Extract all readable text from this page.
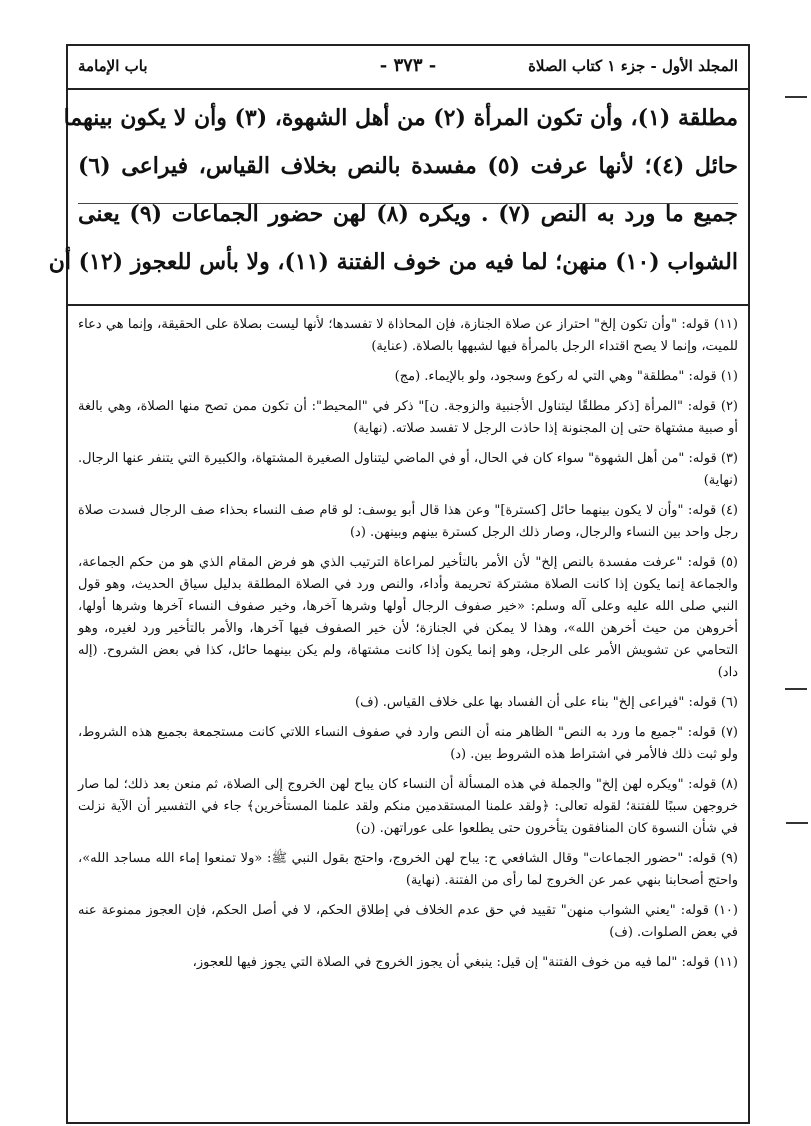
المجلد الأول - جزء ١ كتاب الصلاة
- ٣٧٣ -
باب الإمامة
مطلقة (١)، وأن تكون المرأة (٢) من أهل الشهوة، (٣) وأن لا يكون بينهما
حائل (٤)؛ لأنها عرفت (٥) مفسدة بالنص بخلاف القياس، فيراعى (٦)
جميع ما ورد به النص (٧) . ويكره (٨) لهن حضور الجماعات (٩) يعنى
الشواب (١٠) منهن؛ لما فيه من خوف الفتنة (١١)، ولا بأس للعجوز (١٢) أن

(١١) قوله: "وأن تكون إلخ" احتراز عن صلاة الجنازة، فإن المحاذاة لا تفسدها؛ لأنها ليست بصلاة على الحقيقة، وإنما هي دعاء للميت، وإنما لا يصح اقتداء الرجل بالمرأة فيها لشبهها بالصلاة. (عناية)

(١) قوله: "مطلقة" وهي التي له ركوع وسجود، ولو بالإيماء. (مج)

(٢) قوله: "المرأة [ذكر مطلقًا ليتناول الأجنبية والزوجة. ن]" ذكر في "المحيط": أن تكون ممن تصح منها الصلاة، وهي بالغة أو صبية مشتهاة حتى إن المجنونة إذا حاذت الرجل لا تفسد صلاته. (نهاية)

(٣) قوله: "من أهل الشهوة" سواء كان في الحال، أو في الماضي ليتناول الصغيرة المشتهاة، والكبيرة التي يتنفر عنها الرجال. (نهاية)

(٤) قوله: "وأن لا يكون بينهما حائل [كسترة]" وعن هذا قال أبو يوسف: لو قام صف النساء بحذاء صف الرجال فسدت صلاة رجل واحد بين النساء والرجال، وصار ذلك الرجل كسترة بينهم وبينهن. (د)

(٥) قوله: "عرفت مفسدة بالنص إلخ" لأن الأمر بالتأخير لمراعاة الترتيب الذي هو فرض المقام الذي هو من حكم الجماعة، والجماعة إنما يكون إذا كانت الصلاة مشتركة تحريمة وأداء، والنص ورد في الصلاة المطلقة بدليل سياق الحديث، وهو قول النبي صلى الله عليه وعلى آله وسلم: «خير صفوف الرجال أولها وشرها آخرها، وخير صفوف النساء آخرها وشرها أولها، أخروهن من حيث أخرهن الله»، وهذا لا يمكن في الجنازة؛ لأن خير الصفوف فيها آخرها، والأمر بالتأخير ورد لغيره، وهو التحامي عن تشويش الأمر على الرجل، وهو إنما يكون إذا كانت مشتهاة، ولم يكن بينهما حائل، كذا في بعض الشروح. (إله داد)

(٦) قوله: "فيراعى إلخ" بناء على أن الفساد بها على خلاف القياس. (ف)

(٧) قوله: "جميع ما ورد به النص" الظاهر منه أن النص وارد في صفوف النساء اللاتي كانت مستجمعة بجميع هذه الشروط، ولو ثبت ذلك فالأمر في اشتراط هذه الشروط بين. (د)

(٨) قوله: "ويكره لهن إلخ" والجملة في هذه المسألة أن النساء كان يباح لهن الخروج إلى الصلاة، ثم منعن بعد ذلك؛ لما صار خروجهن سببًا للفتنة؛ لقوله تعالى: ﴿ولقد علمنا المستقدمين منكم ولقد علمنا المستأخرين﴾ جاء في التفسير أن الآية نزلت في شأن النسوة كان المنافقون يتأخرون حتى يطلعوا على عوراتهن. (ن)

(٩) قوله: "حضور الجماعات" وقال الشافعي ح: يباح لهن الخروج، واحتج بقول النبي ﷺ: «ولا تمنعوا إماء الله مساجد الله»، واحتج أصحابنا بنهي عمر عن الخروج لما رأى من الفتنة. (نهاية)

(١٠) قوله: "يعني الشواب منهن" تقييد في حق عدم الخلاف في إطلاق الحكم، لا في أصل الحكم، فإن العجوز ممنوعة عنه في بعض الصلوات. (ف)

(١١) قوله: "لما فيه من خوف الفتنة" إن قيل: ينبغي أن يجوز الخروج في الصلاة التي يجوز فيها للعجوز،
